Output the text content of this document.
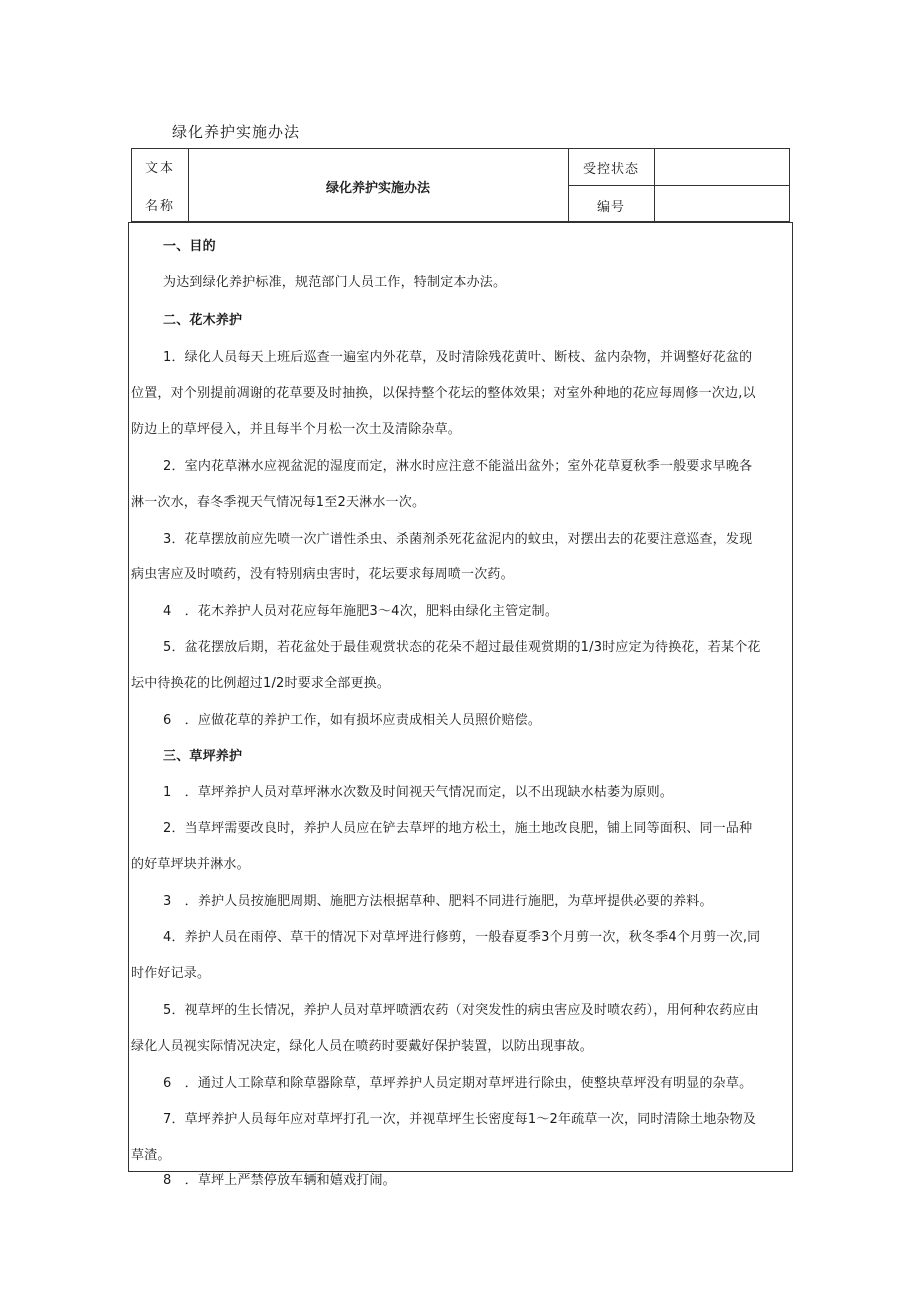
绿化养护实施办法
文本
名称
绿化养护实施办法
受控状态
编号
一、目的
为达到绿化养护标准，规范部门人员工作，特制定本办法。
二、花木养护
1．绿化人员每天上班后巡查一遍室内外花草，及时清除残花黄叶、断枝、盆内杂物，并调整好花盆的
位置，对个别提前凋谢的花草要及时抽换，以保持整个花坛的整体效果；对室外种地的花应每周修一次边,以
防边上的草坪侵入，并且每半个月松一次土及清除杂草。
2．室内花草淋水应视盆泥的湿度而定，淋水时应注意不能溢出盆外；室外花草夏秋季一般要求早晚各
淋一次水，春冬季视天气情况每1至2天淋水一次。
3．花草摆放前应先喷一次广谱性杀虫、杀菌剂杀死花盆泥内的蚊虫，对摆出去的花要注意巡查，发现
病虫害应及时喷药，没有特别病虫害时，花坛要求每周喷一次药。
4　．花木养护人员对花应每年施肥3〜4次，肥料由绿化主管定制。
5．盆花摆放后期，若花盆处于最佳观赏状态的花朵不超过最佳观赏期的1/3时应定为待换花，若某个花
坛中待换花的比例超过1/2时要求全部更换。
6　．应做花草的养护工作，如有损坏应责成相关人员照价赔偿。
三、草坪养护
1　．草坪养护人员对草坪淋水次数及时间视天气情况而定，以不出现缺水枯萎为原则。
2．当草坪需要改良时，养护人员应在铲去草坪的地方松土，施土地改良肥，铺上同等面积、同一品种
的好草坪块并淋水。
3　．养护人员按施肥周期、施肥方法根据草种、肥料不同进行施肥，为草坪提供必要的养料。
4．养护人员在雨停、草干的情况下对草坪进行修剪，一般春夏季3个月剪一次，秋冬季4个月剪一次,同
时作好记录。
5．视草坪的生长情况，养护人员对草坪喷洒农药（对突发性的病虫害应及时喷农药），用何种农药应由
绿化人员视实际情况决定，绿化人员在喷药时要戴好保护装置，以防出现事故。
6　．通过人工除草和除草器除草，草坪养护人员定期对草坪进行除虫，使整块草坪没有明显的杂草。
7．草坪养护人员每年应对草坪打孔一次，并视草坪生长密度每1〜2年疏草一次，同时清除土地杂物及
草渣。
8　．草坪上严禁停放车辆和嬉戏打闹。
